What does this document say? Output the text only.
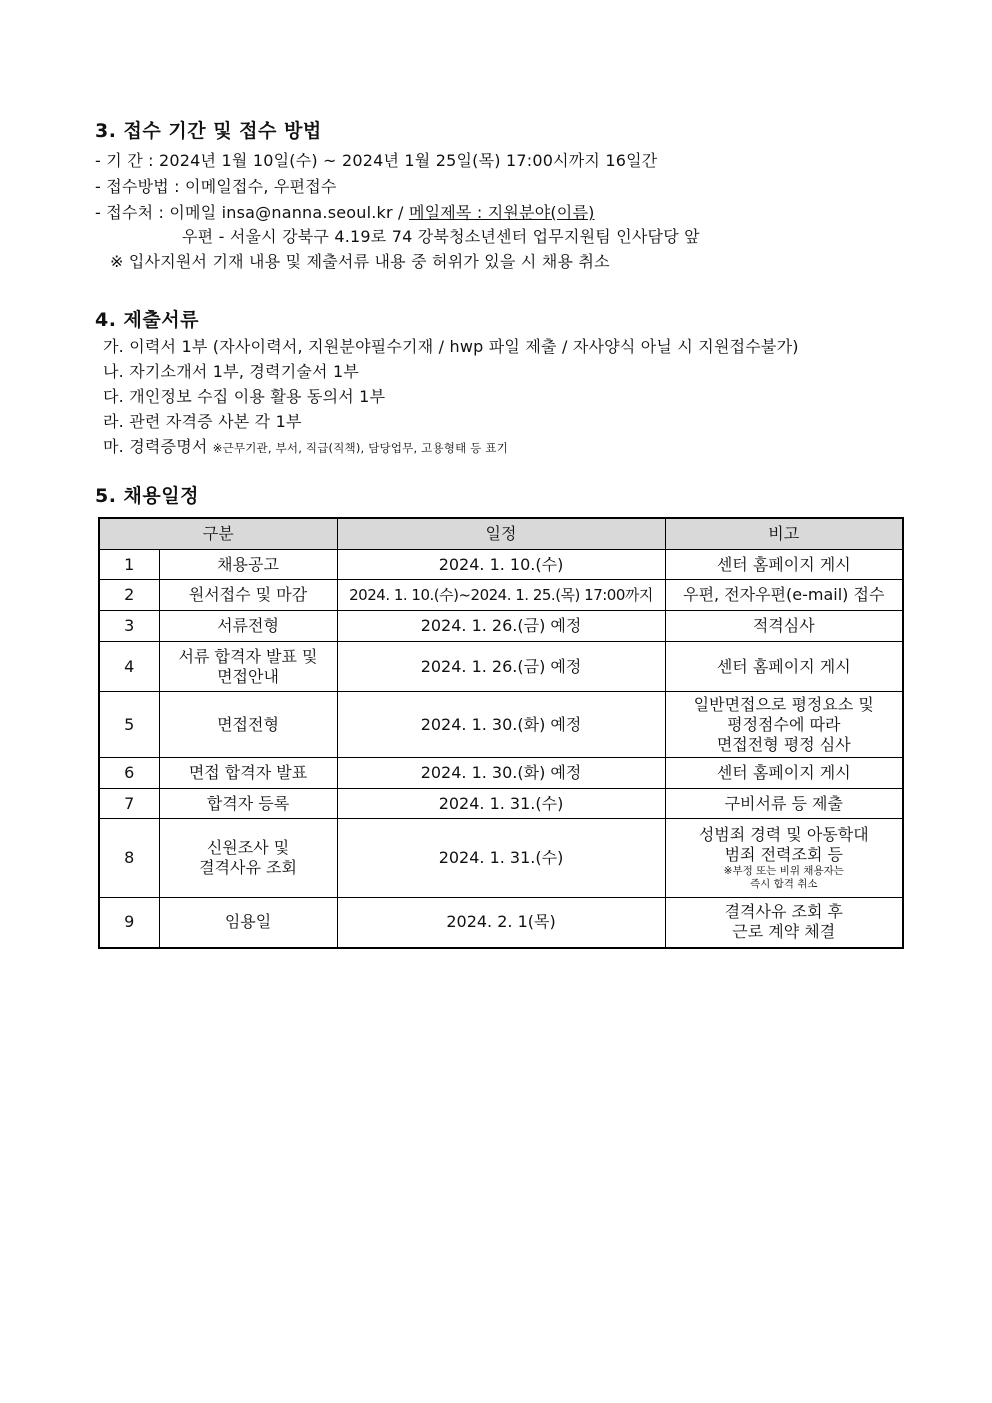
3. 접수 기간 및 접수 방법
- 기 간 : 2024년 1월 10일(수) ~ 2024년 1월 25일(목) 17:00시까지 16일간
- 접수방법 : 이메일접수, 우편접수
- 접수처 : 이메일 insa@nanna.seoul.kr / 메일제목 : 지원분야(이름)
우편 - 서울시 강북구 4.19로 74 강북청소년센터 업무지원팀 인사담당 앞
※ 입사지원서 기재 내용 및 제출서류 내용 중 허위가 있을 시 채용 취소
4. 제출서류
가. 이력서 1부 (자사이력서, 지원분야필수기재 / hwp 파일 제출 / 자사양식 아닐 시 지원접수불가)
나. 자기소개서 1부, 경력기술서 1부
다. 개인정보 수집 이용 활용 동의서 1부
라. 관련 자격증 사본 각 1부
마. 경력증명서 ※근무기관, 부서, 직급(직책), 담당업무, 고용형태 등 표기
5. 채용일정
구분		일정	비고
1	채용공고	2024. 1. 10.(수)	센터 홈페이지 게시
2	원서접수 및 마감	2024. 1. 10.(수)~2024. 1. 25.(목) 17:00까지	우편, 전자우편(e-mail) 접수
3	서류전형	2024. 1. 26.(금) 예정	적격심사
4	서류 합격자 발표 및
면접안내	2024. 1. 26.(금) 예정	센터 홈페이지 게시
5	면접전형	2024. 1. 30.(화) 예정	일반면접으로 평정요소 및
평정점수에 따라
면접전형 평정 심사
6	면접 합격자 발표	2024. 1. 30.(화) 예정	센터 홈페이지 게시
7	합격자 등록	2024. 1. 31.(수)	구비서류 등 제출
8	신원조사 및
결격사유 조회	2024. 1. 31.(수)	성범죄 경력 및 아동학대
범죄 전력조회 등
※부정 또는 비위 채용자는
즉시 합격 취소

9	임용일	2024. 2. 1(목)	결격사유 조회 후
근로 계약 체결
